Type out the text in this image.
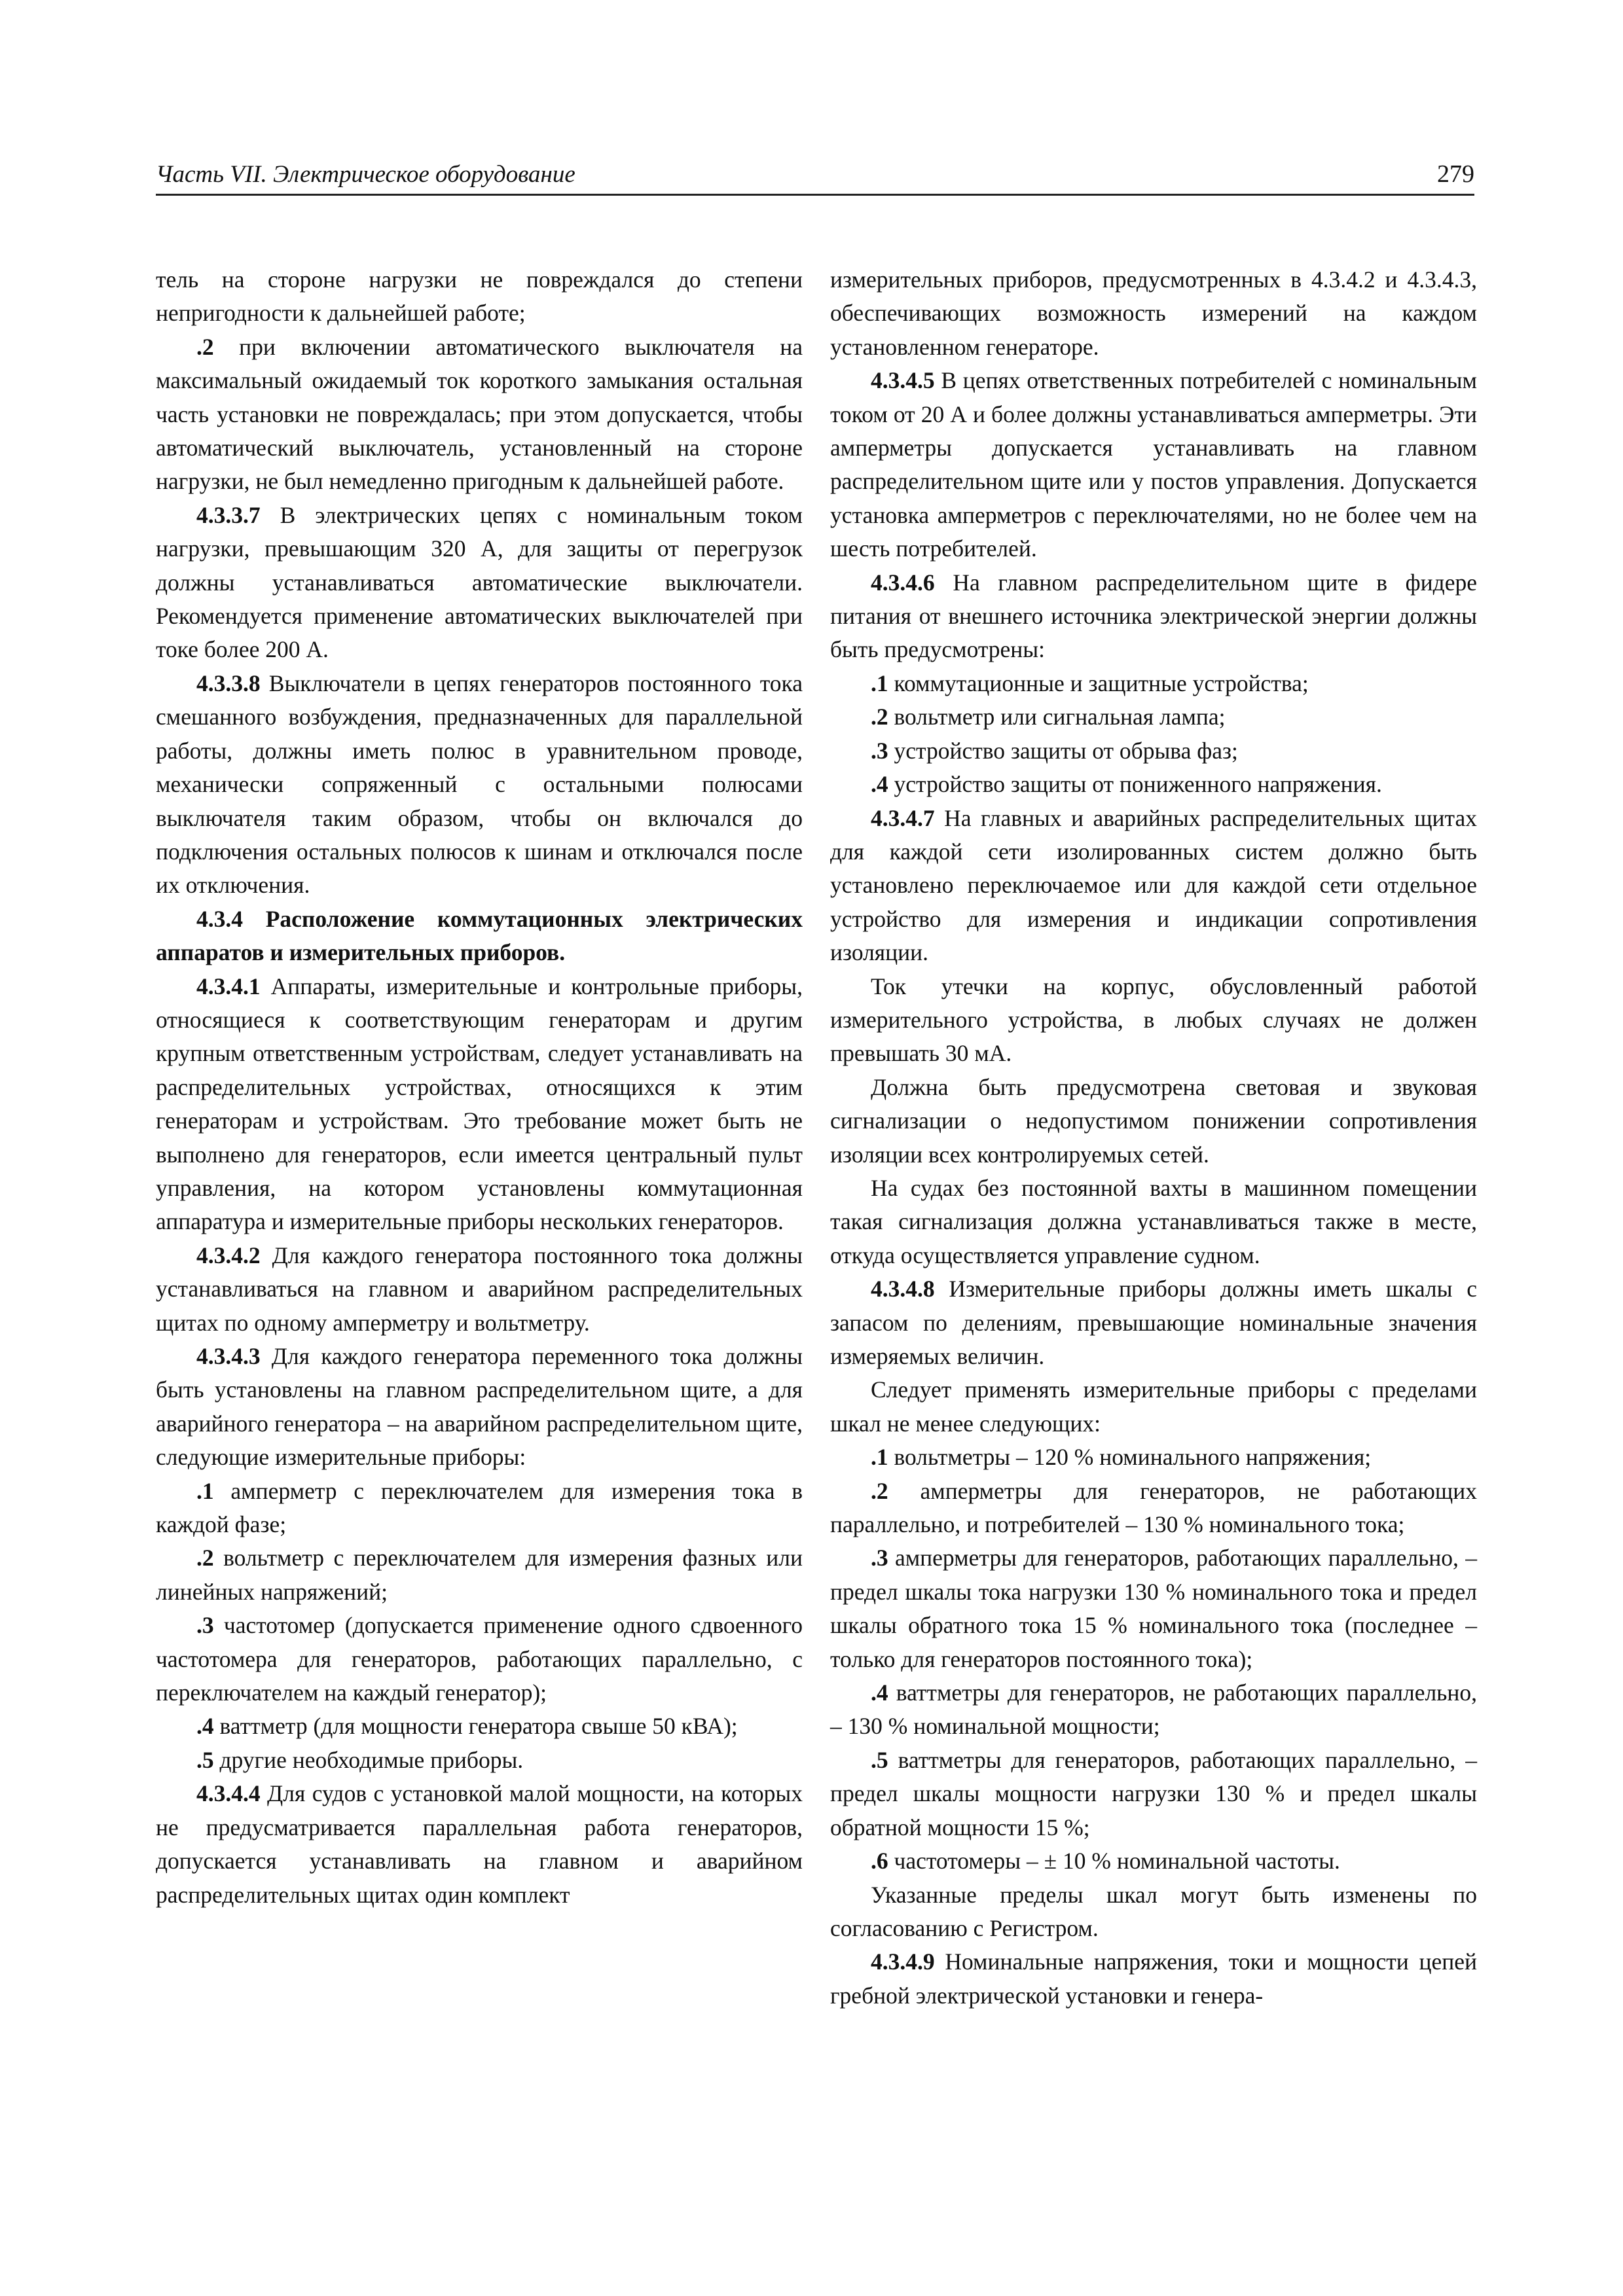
Часть VII. Электрическое оборудование	279

тель на стороне нагрузки не повреждался до степени непригодности к дальнейшей работе;

.2 при включении автоматического выключателя на максимальный ожидаемый ток короткого замыкания остальная часть установки не повреждалась; при этом допускается, чтобы автоматический выключатель, установленный на стороне нагрузки, не был немедленно пригодным к дальнейшей работе.

4.3.3.7 В электрических цепях с номинальным током нагрузки, превышающим 320 А, для защиты от перегрузок должны устанавливаться автоматические выключатели. Рекомендуется применение автоматических выключателей при токе более 200 А.

4.3.3.8 Выключатели в цепях генераторов постоянного тока смешанного возбуждения, предназначенных для параллельной работы, должны иметь полюс в уравнительном проводе, механически сопряженный с остальными полюсами выключателя таким образом, чтобы он включался до подключения остальных полюсов к шинам и отключался после их отключения.

4.3.4 Расположение коммутационных электрических аппаратов и измерительных приборов.

4.3.4.1 Аппараты, измерительные и контрольные приборы, относящиеся к соответствующим генераторам и другим крупным ответственным устройствам, следует устанавливать на распределительных устройствах, относящихся к этим генераторам и устройствам. Это требование может быть не выполнено для генераторов, если имеется центральный пульт управления, на котором установлены коммутационная аппаратура и измерительные приборы нескольких генераторов.

4.3.4.2 Для каждого генератора постоянного тока должны устанавливаться на главном и аварийном распределительных щитах по одному амперметру и вольтметру.

4.3.4.3 Для каждого генератора переменного тока должны быть установлены на главном распределительном щите, а для аварийного генератора – на аварийном распределительном щите, следующие измерительные приборы:

.1 амперметр с переключателем для измерения тока в каждой фазе;

.2 вольтметр с переключателем для измерения фазных или линейных напряжений;

.3 частотомер (допускается применение одного сдвоенного частотомера для генераторов, работающих параллельно, с переключателем на каждый генератор);

.4 ваттметр (для мощности генератора свыше 50 кВА);

.5 другие необходимые приборы.

4.3.4.4 Для судов с установкой малой мощности, на которых не предусматривается параллельная работа генераторов, допускается устанавливать на главном и аварийном распределительных щитах один комплект

измерительных приборов, предусмотренных в 4.3.4.2 и 4.3.4.3, обеспечивающих возможность измерений на каждом установленном генераторе.

4.3.4.5 В цепях ответственных потребителей с номинальным током от 20 А и более должны устанавливаться амперметры. Эти амперметры допускается устанавливать на главном распределительном щите или у постов управления. Допускается установка амперметров с переключателями, но не более чем на шесть потребителей.

4.3.4.6 На главном распределительном щите в фидере питания от внешнего источника электрической энергии должны быть предусмотрены:

.1 коммутационные и защитные устройства;

.2 вольтметр или сигнальная лампа;

.3 устройство защиты от обрыва фаз;

.4 устройство защиты от пониженного напряжения.

4.3.4.7 На главных и аварийных распределительных щитах для каждой сети изолированных систем должно быть установлено переключаемое или для каждой сети отдельное устройство для измерения и индикации сопротивления изоляции.

Ток утечки на корпус, обусловленный работой измерительного устройства, в любых случаях не должен превышать 30 мА.

Должна быть предусмотрена световая и звуковая сигнализации о недопустимом понижении сопротивления изоляции всех контролируемых сетей.

На судах без постоянной вахты в машинном помещении такая сигнализация должна устанавливаться также в месте, откуда осуществляется управление судном.

4.3.4.8 Измерительные приборы должны иметь шкалы с запасом по делениям, превышающие номинальные значения измеряемых величин.

Следует применять измерительные приборы с пределами шкал не менее следующих:

.1 вольтметры – 120 % номинального напряжения;

.2 амперметры для генераторов, не работающих параллельно, и потребителей – 130 % номинального тока;

.3 амперметры для генераторов, работающих параллельно, – предел шкалы тока нагрузки 130 % номинального тока и предел шкалы обратного тока 15 % номинального тока (последнее – только для генераторов постоянного тока);

.4 ваттметры для генераторов, не работающих параллельно, – 130 % номинальной мощности;

.5 ваттметры для генераторов, работающих параллельно, – предел шкалы мощности нагрузки 130 % и предел шкалы обратной мощности 15 %;

.6 частотомеры – ± 10 % номинальной частоты.

Указанные пределы шкал могут быть изменены по согласованию с Регистром.

4.3.4.9 Номинальные напряжения, токи и мощности цепей гребной электрической установки и генера-
